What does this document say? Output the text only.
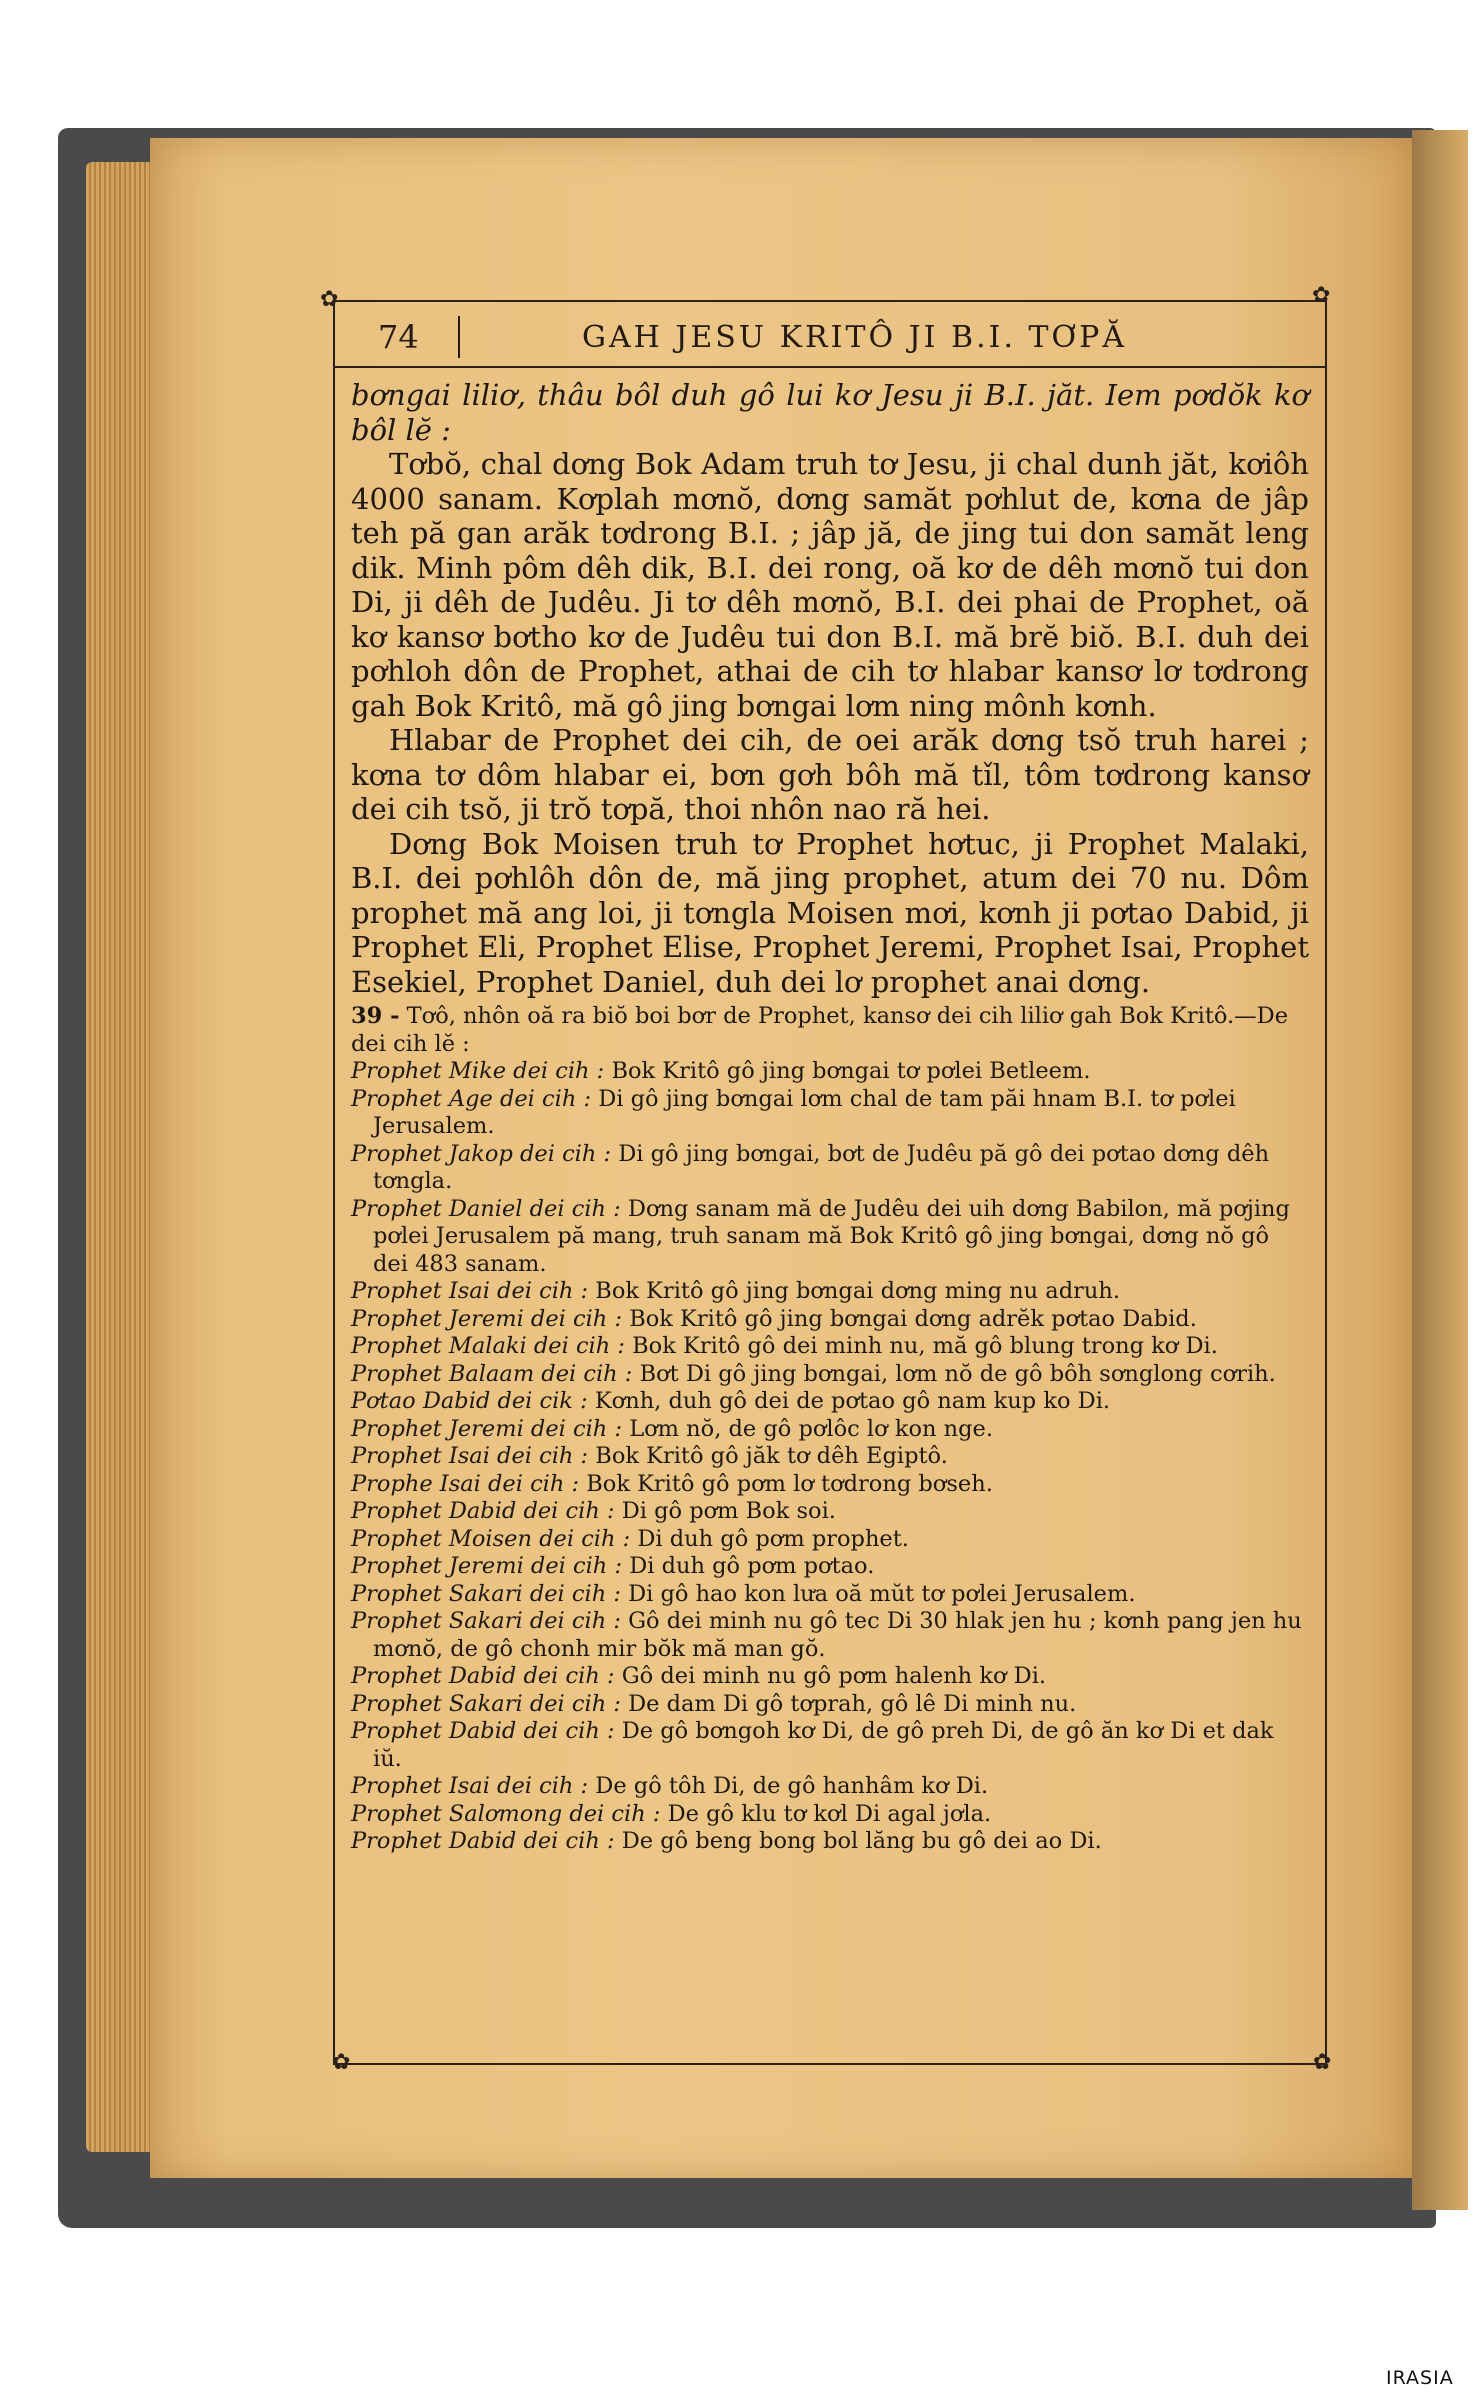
✿	✿
✿	✿
74	GAH JESU KRITÔ JI B.I. TƠPĂ

bơngai liliơ, thâu bôl duh gô lui kơ Jesu ji B.I. jăt. Iem pơdŏk kơ bôl lĕ :

Tơbŏ, chal dơng Bok Adam truh tơ Jesu, ji chal dunh jăt, kơiôh 4000 sanam. Kơplah mơnŏ, dơng samăt pơhlut de, kơna de jâp teh pă gan arăk tơdrong B.I. ; jâp jă, de jing tui don samăt leng dik. Minh pôm dêh dik, B.I. dei rong, oă kơ de dêh mơnŏ tui don Di, ji dêh de Judêu. Ji tơ dêh mơnŏ, B.I. dei phai de Prophet, oă kơ kansơ bơtho kơ de Judêu tui don B.I. mă brĕ biŏ. B.I. duh dei pơhloh dôn de Prophet, athai de cih tơ hlabar kansơ lơ tơdrong gah Bok Kritô, mă gô jing bơngai lơm ning mônh kơnh.

Hlabar de Prophet dei cih, de oei arăk dơng tsŏ truh harei ; kơna tơ dôm hlabar ei, bơn gơh bôh mă tǐl, tôm tơdrong kansơ dei cih tsŏ, ji trŏ tơpă, thoi nhôn nao ră hei.

Dơng Bok Moisen truh tơ Prophet hơtuc, ji Prophet Malaki, B.I. dei pơhlôh dôn de, mă jing prophet, atum dei 70 nu. Dôm prophet mă ang loi, ji tơngla Moisen mơi, kơnh ji pơtao Dabid, ji Prophet Eli, Prophet Elise, Prophet Jeremi, Prophet Isai, Prophet Esekiel, Prophet Daniel, duh dei lơ prophet anai dơng.

39 - Tơô, nhôn oă ra biŏ boi bơr de Prophet, kansơ dei cih liliơ gah Bok Kritô.—De dei cih lĕ :

Prophet Mike dei cih : Bok Kritô gô jing bơngai tơ pơlei Betleem.

Prophet Age dei cih : Di gô jing bơngai lơm chal de tam păi hnam B.I. tơ pơlei Jerusalem.

Prophet Jakop dei cih : Di gô jing bơngai, bơt de Judêu pă gô dei pơtao dơng dêh tơngla.

Prophet Daniel dei cih : Dơng sanam mă de Judêu dei uih dơng Babilon, mă pơjing pơlei Jerusalem pă mang, truh sanam mă Bok Kritô gô jing bơngai, dơng nŏ gô dei 483 sanam.

Prophet Isai dei cih : Bok Kritô gô jing bơngai dơng ming nu adruh.

Prophet Jeremi dei cih : Bok Kritô gô jing bơngai dơng adrĕk pơtao Dabid.

Prophet Malaki dei cih : Bok Kritô gô dei minh nu, mă gô blung trong kơ Di.

Prophet Balaam dei cih : Bơt Di gô jing bơngai, lơm nŏ de gô bôh sơnglong cơrih.

Pơtao Dabid dei cik : Kơnh, duh gô dei de pơtao gô nam kup ko Di.

Prophet Jeremi dei cih : Lơm nŏ, de gô pơlôc lơ kon nge.

Prophet Isai dei cih : Bok Kritô gô jăk tơ dêh Egiptô.

Prophe Isai dei cih : Bok Kritô gô pơm lơ tơdrong bơseh.

Prophet Dabid dei cih : Di gô pơm Bok soi.

Prophet Moisen dei cih : Di duh gô pơm prophet.

Prophet Jeremi dei cih : Di duh gô pơm pơtao.

Prophet Sakari dei cih : Di gô hao kon lưa oă mŭt tơ pơlei Jerusalem.

Prophet Sakari dei cih : Gô dei minh nu gô tec Di 30 hlak jen hu ; kơnh pang jen hu mơnŏ, de gô chonh mir bŏk mă man gŏ.

Prophet Dabid dei cih : Gô dei minh nu gô pơm halenh kơ Di.

Prophet Sakari dei cih : De dam Di gô tơprah, gô lê Di minh nu.

Prophet Dabid dei cih : De gô bơngoh kơ Di, de gô preh Di, de gô ăn kơ Di et dak iŭ.

Prophet Isai dei cih : De gô tôh Di, de gô hanhâm kơ Di.

Prophet Salơmong dei cih : De gô klu tơ kơl Di agal jơla.

Prophet Dabid dei cih : De gô beng bong bol lăng bu gô dei ao Di.

IRASIA
